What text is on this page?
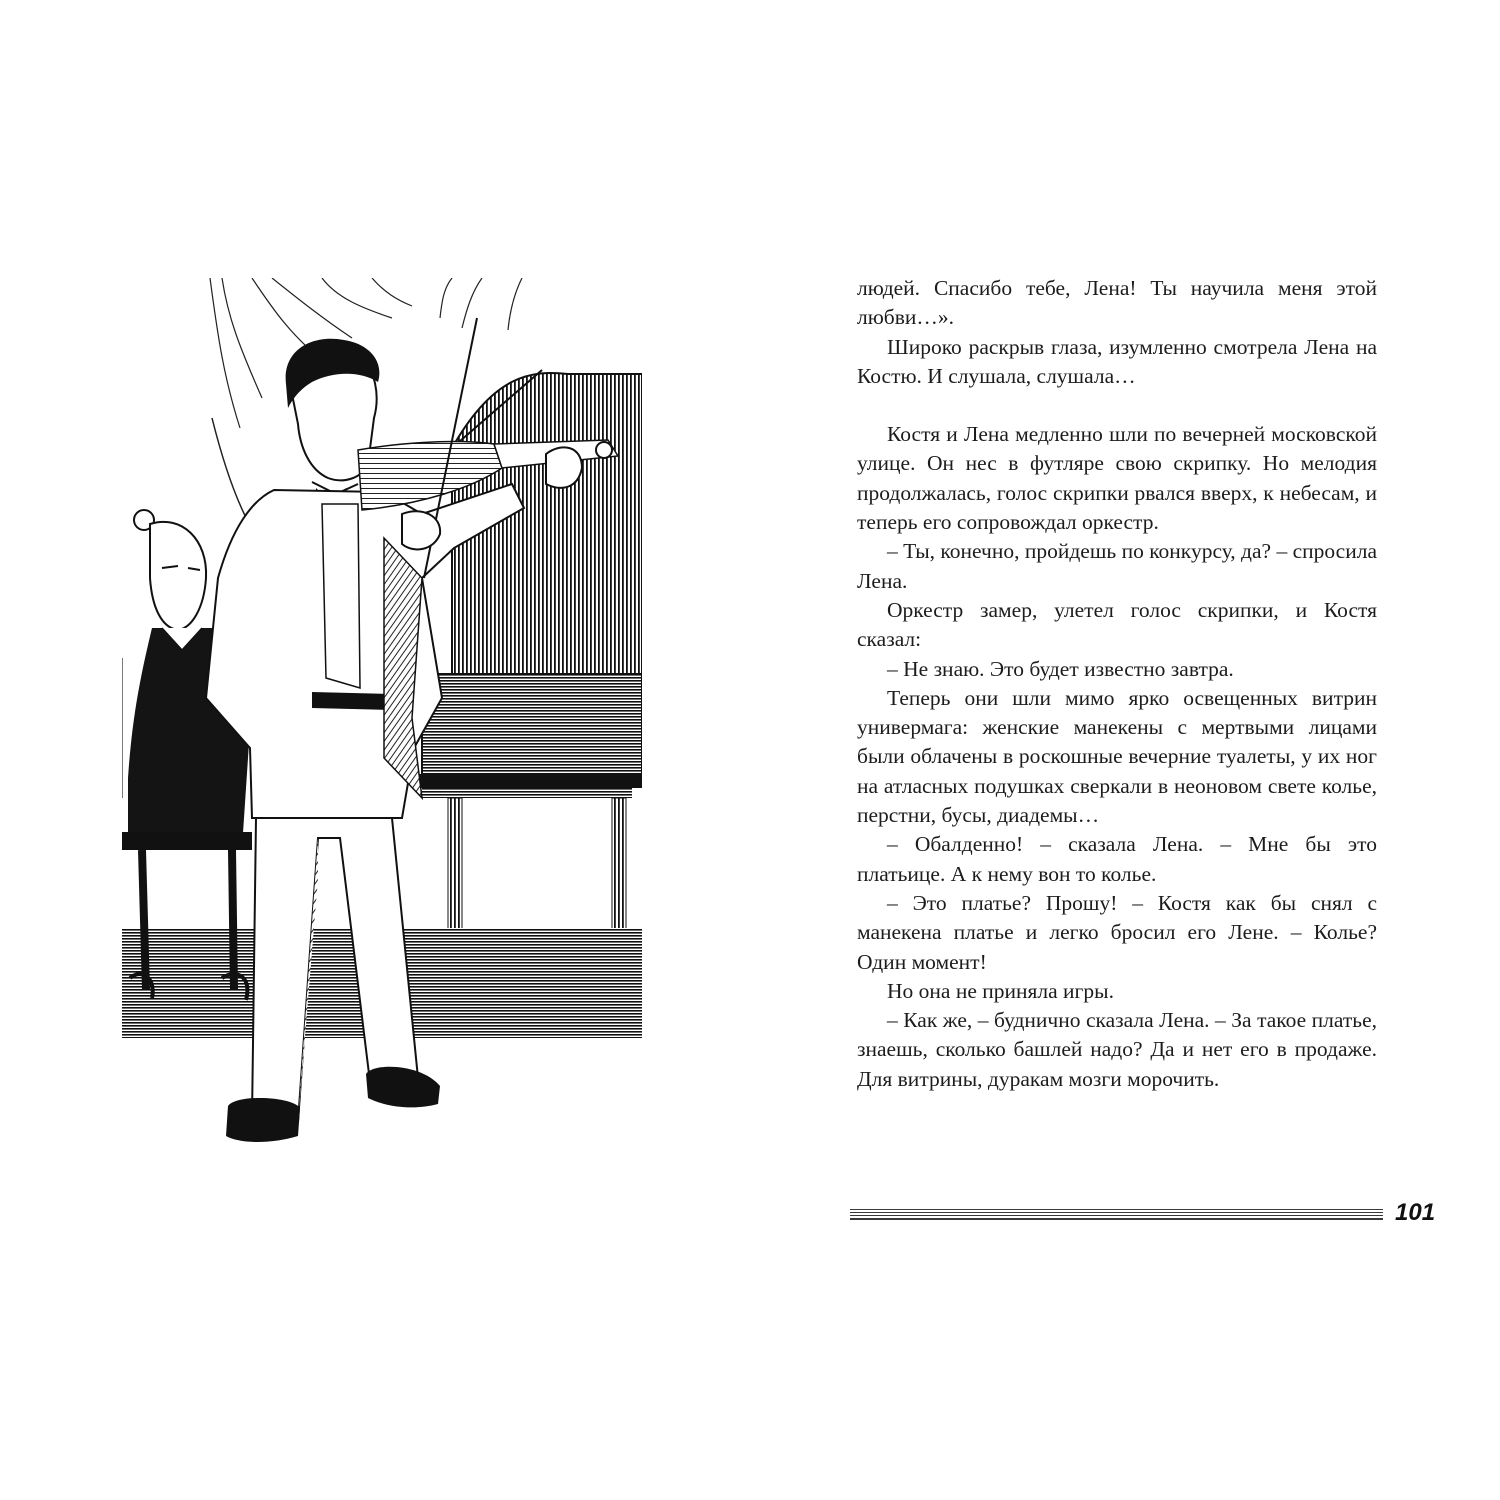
людей. Спасибо тебе, Лена! Ты научила меня этой любви…».

Широко раскрыв глаза, изумленно смотрела Лена на Костю. И слушала, слушала…

Костя и Лена медленно шли по вечерней московской улице. Он нес в футляре свою скрипку. Но мелодия продолжалась, голос скрипки рвался вверх, к небесам, и теперь его сопровождал оркестр.

– Ты, конечно, пройдешь по конкурсу, да? – спросила Лена.

Оркестр замер, улетел голос скрипки, и Костя сказал:

– Не знаю. Это будет известно завтра.

Теперь они шли мимо ярко освещенных витрин универмага: женские манекены с мертвыми лицами были облачены в роскошные вечерние туалеты, у их ног на атласных подушках сверкали в неоновом свете колье, перстни, бусы, диадемы…

– Обалденно! – сказала Лена. – Мне бы это платьице. А к нему вон то колье.

– Это платье? Прошу! – Костя как бы снял с манекена платье и легко бросил его Лене. – Колье? Один момент!

Но она не приняла игры.

– Как же, – буднично сказала Лена. – За такое платье, знаешь, сколько башлей надо? Да и нет его в продаже. Для витрины, дуракам мозги морочить.

101
